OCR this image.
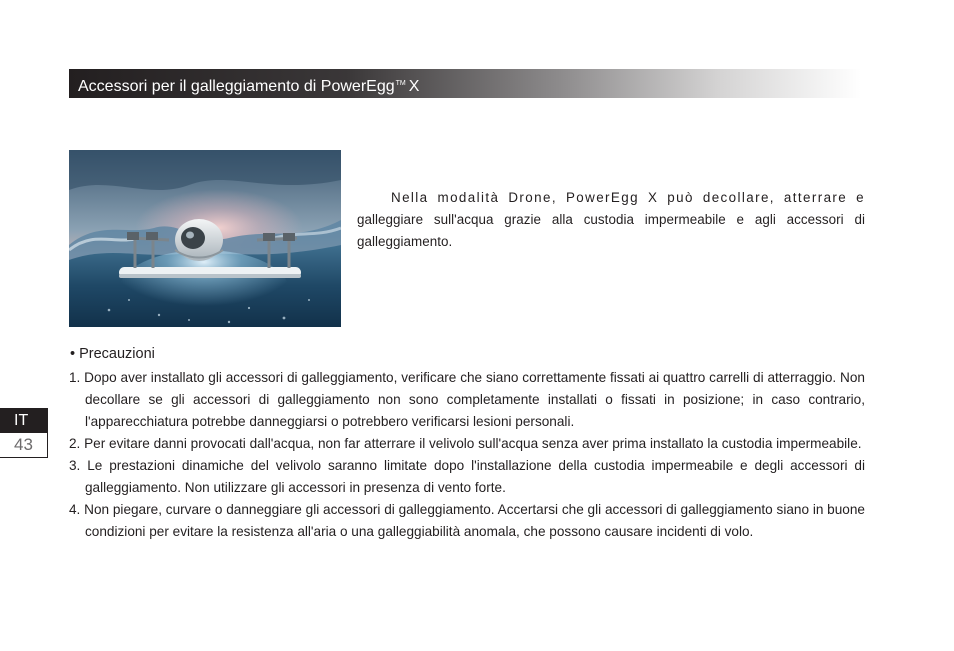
Accessori per il galleggiamento di PowerEgg™ X

Nella modalità Drone, PowerEgg X può decollare, atterrare e galleggiare sull'acqua grazie alla custodia impermeabile e agli accessori di galleggiamento.

• Precauzioni

1. Dopo aver installato gli accessori di galleggiamento, verificare che siano correttamente fissati ai quattro carrelli di atterraggio. Non decollare se gli accessori di galleggiamento non sono completamente installati o fissati in posizione; in caso contrario, l'apparecchiatura potrebbe danneggiarsi o potrebbero verificarsi lesioni personali.
2. Per evitare danni provocati dall'acqua, non far atterrare il velivolo sull'acqua senza aver prima installato la custodia impermeabile.
3. Le prestazioni dinamiche del velivolo saranno limitate dopo l'installazione della custodia impermeabile e degli accessori di galleggiamento. Non utilizzare gli accessori in presenza di vento forte.
4. Non piegare, curvare o danneggiare gli accessori di galleggiamento. Accertarsi che gli accessori di galleggiamento siano in buone condizioni per evitare la resistenza all'aria o una galleggiabilità anomala, che possono causare incidenti di volo.
IT
43
